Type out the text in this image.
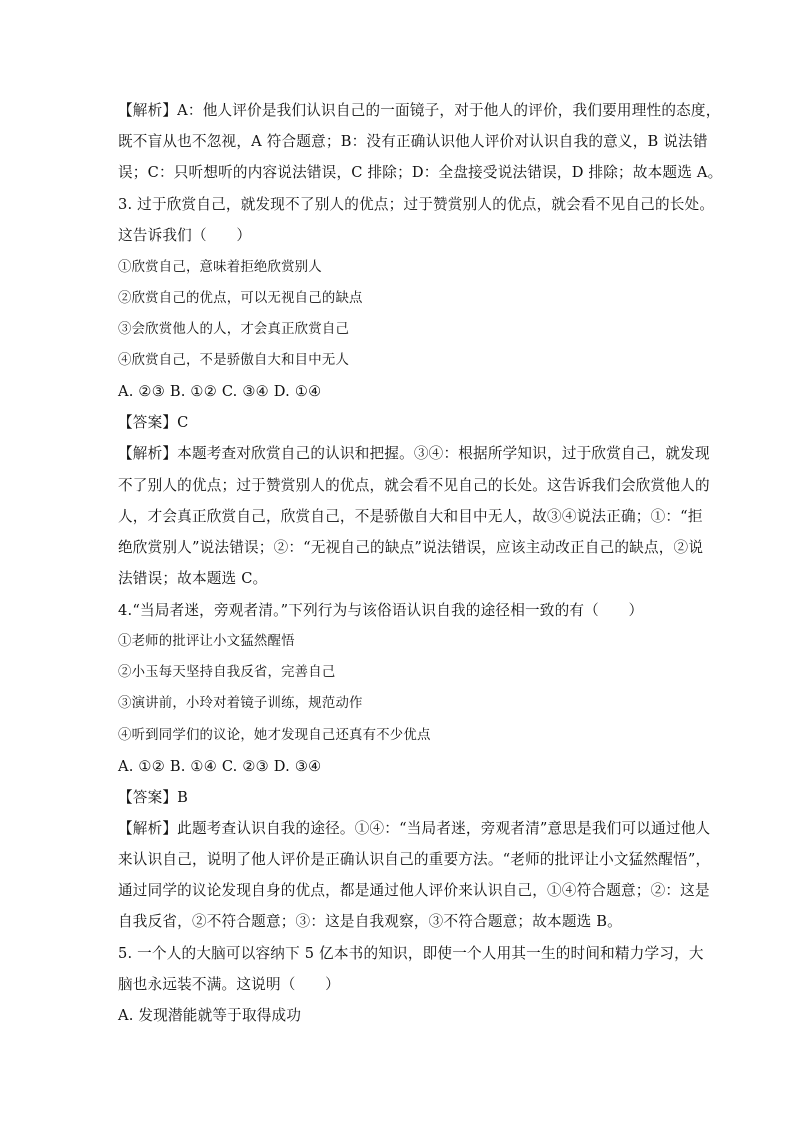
【解析】A：他人评价是我们认识自己的一面镜子，对于他人的评价，我们要用理性的态度，
既不盲从也不忽视，A 符合题意；B：没有正确认识他人评价对认识自我的意义，B 说法错
误；C：只听想听的内容说法错误，C 排除；D：全盘接受说法错误，D 排除；故本题选 A。
3. 过于欣赏自己，就发现不了别人的优点；过于赞赏别人的优点，就会看不见自己的长处。
这告诉我们（　　）
①欣赏自己，意味着拒绝欣赏别人
②欣赏自己的优点，可以无视自己的缺点
③会欣赏他人的人，才会真正欣赏自己
④欣赏自己，不是骄傲自大和目中无人
A. ②③ B. ①② C. ③④ D. ①④
【答案】C
【解析】本题考查对欣赏自己的认识和把握。③④：根据所学知识，过于欣赏自己，就发现
不了别人的优点；过于赞赏别人的优点，就会看不见自己的长处。这告诉我们会欣赏他人的
人，才会真正欣赏自己，欣赏自己，不是骄傲自大和目中无人，故③④说法正确；①：“拒
绝欣赏别人”说法错误；②：“无视自己的缺点”说法错误，应该主动改正自己的缺点，②说
法错误；故本题选 C。
4.“当局者迷，旁观者清。”下列行为与该俗语认识自我的途径相一致的有（　　）
①老师的批评让小文猛然醒悟
②小玉每天坚持自我反省，完善自己
③演讲前，小玲对着镜子训练，规范动作
④听到同学们的议论，她才发现自己还真有不少优点
A. ①② B. ①④ C. ②③ D. ③④
【答案】B
【解析】此题考查认识自我的途径。①④：“当局者迷，旁观者清”意思是我们可以通过他人
来认识自己，说明了他人评价是正确认识自己的重要方法。“老师的批评让小文猛然醒悟”，
通过同学的议论发现自身的优点，都是通过他人评价来认识自己，①④符合题意；②：这是
自我反省，②不符合题意；③：这是自我观察，③不符合题意；故本题选 B。
5. 一个人的大脑可以容纳下 5 亿本书的知识，即使一个人用其一生的时间和精力学习，大
脑也永远装不满。这说明（　　）
A. 发现潜能就等于取得成功
